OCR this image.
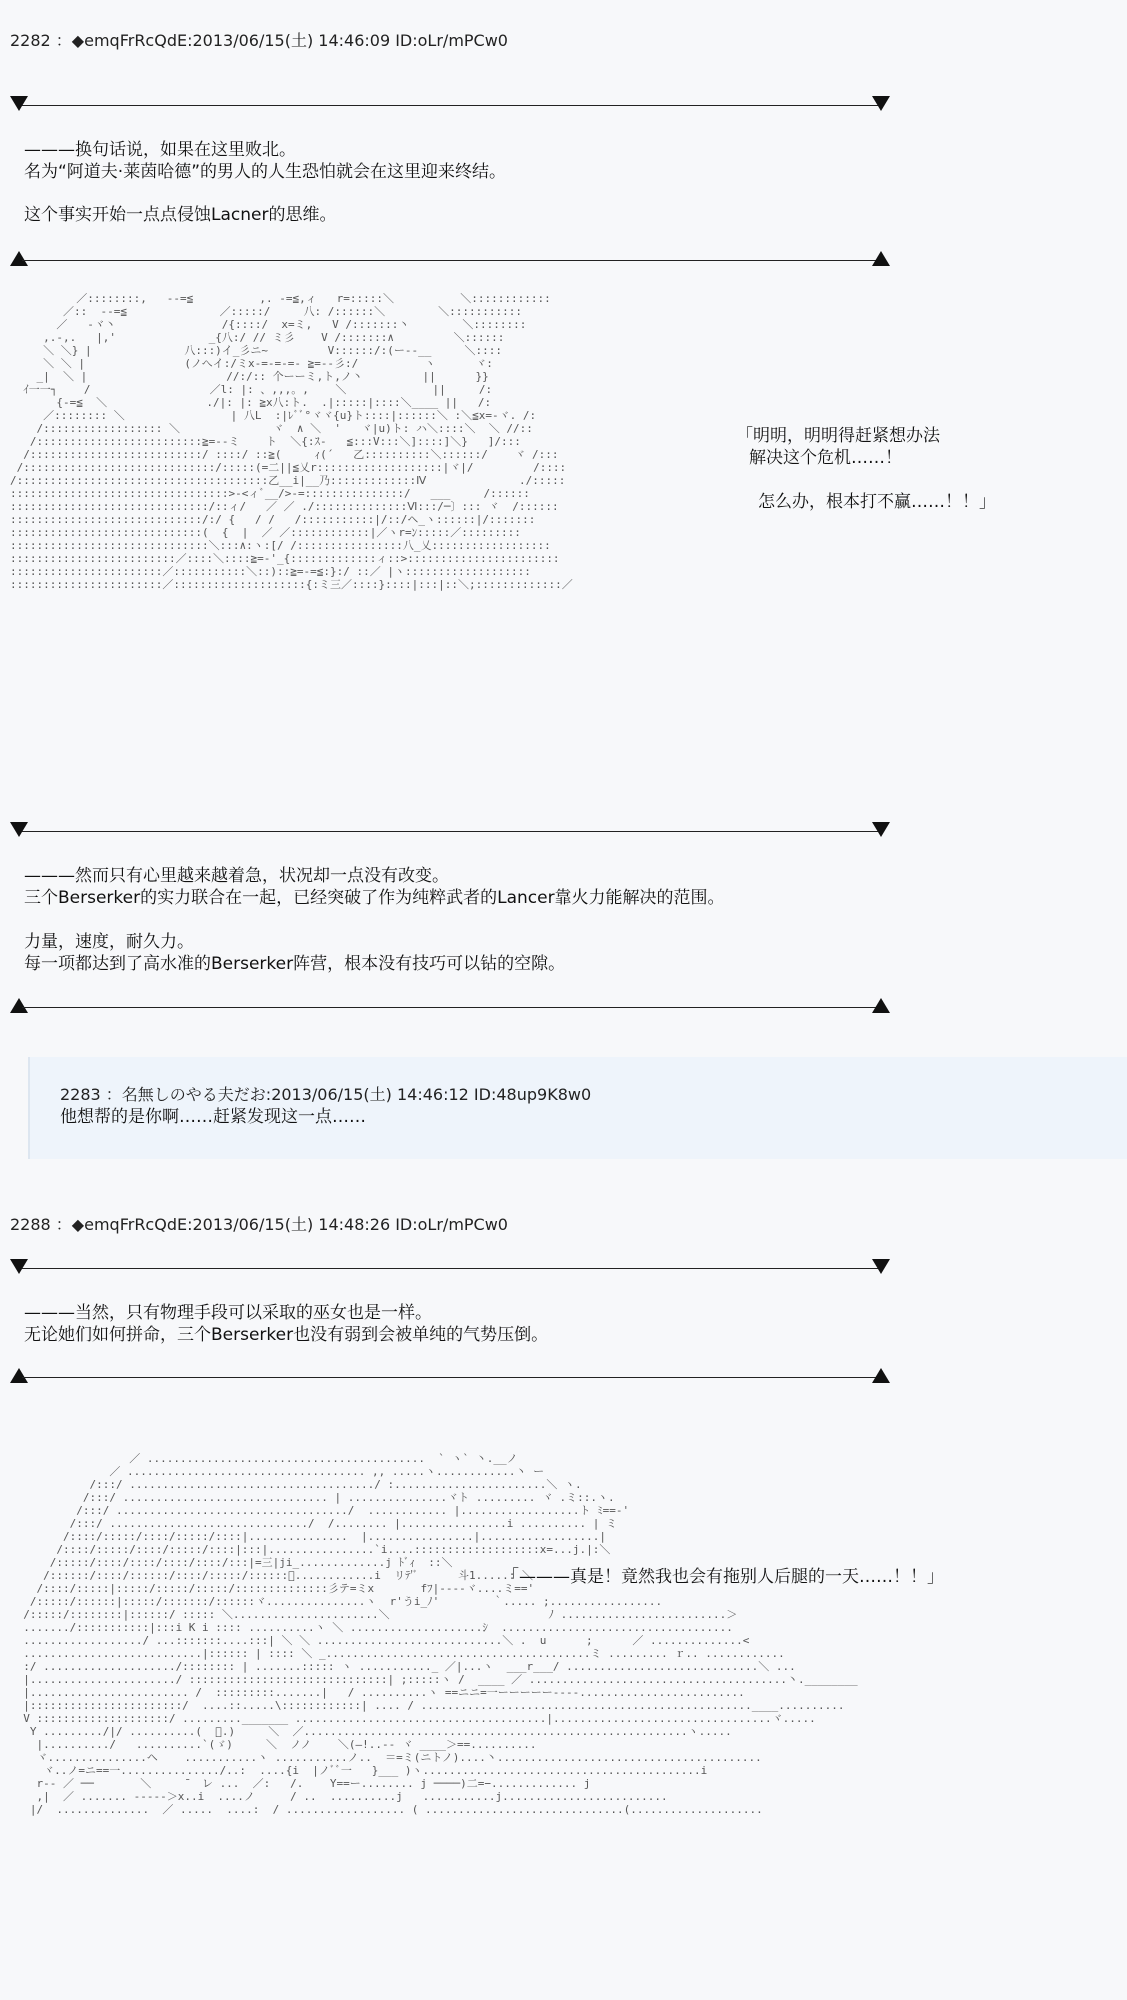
2282 ：◆emqFrRcQdE:2013/06/15(土) 14:46:09 ID:oLr/mPCw0
———换句话说，如果在这里败北。
名为“阿道夫·莱茵哈德”的男人的人生恐怕就会在这里迎来终结。
这个事实开始一点点侵蚀Lacner的思维。
／::::::::,   --=≦          ,. -=≦,ィ   r=:::::＼          ＼::::::::::::
／::  --=≦              ／:::::/     八: /::::::＼        ＼:::::::::::
／   -ヾ丶                /{::::/  x=ミ,   V /:::::::丶        ＼::::::::
,.-,.   |,'              _{八:/ // ミ彡    V /:::::::∧         ＼::::::
＼ ＼} |              八:::)イ_彡ニ~         V::::::/:(ー--__     ＼::::
＼ ＼ |               (ノへイ:/ミx-=-=-=- ≧=--彡:/          ヽ      ヾ:
_|  ＼ |                     //:/:: 个ーーミ,ト,ノ丶         ||      }}
ｲ一一┐    /                  ／l: |: 、,,,。,    ＼             ||     /:
{-=≦  ＼               ./|: |: ≧x八:ト.  .|:::::|::::＼____ ||   /:
／:::::::: ＼                | 八L  :|ﾚﾞﾞ°ヾヾ{u}ト::::|::::::＼ :＼≦x=-ヾ. /:
/:::::::::::::::::: ＼              ヾ  ∧ ＼  '   ヾ|u)ト: ハ＼::::＼  ＼ //::
/:::::::::::::::::::::::::≧=--ミ    ト  ＼{:ｽ-   ≦:::V:::＼]::::]＼}   ]/:::
/::::::::::::::::::::::::::/ ::::/ ::≧(     ｨ(´   乙::::::::::＼::::::/    ヾ /:::
/:::::::::::::::::::::::::::::/:::::(=二||≦乂r:::::::::::::::::::|ヾ|/         /::::
/::::::::::::::::::::::::::::::::::::::乙__i|__乃:::::::::::::Ⅳ              ./:::::
:::::::::::::::::::::::::::::::::>-<ィﾞ__/>-=:::::::::::::::/   ___     /::::::
::::::::::::::::::::::::::::::/::ィ/   ／ ／ ./::::::::::::::Ⅵ:::/─〕::: ヾ  /::::::
:::::::::::::::::::::::::::::/:/ {   / /   /:::::::::::|/::/ヘ_ヽ::::::|/:::::::
:::::::::::::::::::::::::::::(  {  |  ／ ／::::::::::::|／ヽr=ﾝ:::::／:::::::::
::::::::::::::::::::::::::::::＼:::∧:ヽ:[/ /::::::::::::::::八_乂::::::::::::::::::
:::::::::::::::::::::::::／::::＼::::≧=-'_{:::::::::::::ィ::>:::::::::::::::::::::::
:::::::::::::::::::::::／:::::::::::＼::)::≧=-=≦:}:/ ::／ |ヽ:::::::::::::::::::
:::::::::::::::::::::::／::::::::::::::::::::{:ミ三／::::}::::|:::|::＼;:::::::::::::／
「明明，明明得赶紧想办法
解决这个危机……！
怎么办，根本打不赢……！！」
———然而只有心里越来越着急，状况却一点没有改变。
三个Berserker的实力联合在一起，已经突破了作为纯粹武者的Lancer靠火力能解决的范围。
力量，速度，耐久力。
每一项都达到了高水准的Berserker阵营，根本没有技巧可以钻的空隙。
2283 ：名無しのやる夫だお:2013/06/15(土) 14:46:12 ID:48up9K8w0
他想帮的是你啊……赶紧发现这一点……
2288 ：◆emqFrRcQdE:2013/06/15(土) 14:48:26 ID:oLr/mPCw0
———当然，只有物理手段可以采取的巫女也是一样。
无论她们如何拼命，三个Berserker也没有弱到会被单纯的气势压倒。
／ ..........................................  ` ヽ` 丶.__ノ
／ .................................... ,, .....ヽ............丶 ー
/:::/ ...................................../ :.......................＼ ヽ.
/:::/ ............................... | ...............ヾト ......... ヾ .ミ::.ヽ.
/:::/ .................................../  ............ |..................ト ﾐ==-'
/:::/ ............................../  /........ |................i .......... | ミ
/::::/:::::/::::/:::::/::::|...............  |................|..................|
/::::/:::::/::::/:::::/::::|:::|................`i....:::::::::::::::::::x=...j.|:＼
/:::::/::::/::::/::::/::::/:::|=三|ji_.............j ﾄﾞｨ  ::＼
/::::::/::::/::::::/::::/:::::/::::::ﾞ............i  リﾃ'ﾞ      斗1.....: ＼
/::::/:::::|:::::/:::::/:::::/::::::::::::::彡テ=ミx       fﾌ|----ヾ....ミ=='
/:::::/::::::|:::::/:::::::/::::::ヾ...............ヽ  r'うi_ﾉ'        ｀..... ;.................
/:::::/::::::::|::::::/ ::::: ＼......................＼                        ﾉ .........................＞
......./:::::::::::|:::i K i :::: ..........ヽ ＼ ....................ｼ  ...................................
................../ ...:::::::....:::| ＼ ＼ ............................＼ .  u      ;      ／ ..............<
...........................|:::::: | :::: ＼ _........................................ミ ......... ｒ.. ............
:/ ..................../:::::::: | .......::::: ヽ ..........._ ／|...ヽ  ___r___/ .............................＼ ...
|....................../ ::::::::::::::::::::::::::::::| ;:::::ヽ /  ____ ／ .......................................丶.________
|........................ /  :::::::::.......|   / ..........ヽ ==ニニ=一ーーーーー‐‐‐‐.........................
|:::::::::::::::::::::::/  ....::.....\::::::::::::| .... / ..................................................____..........
V ::::::::::::::::::::/ ........._______ ......................................|.................................ヾ.....
Y ........./|/ ..........(  ゚.)     ＼  ／..........................................................ヽ.....
|........../   ..........`(ゞ)     ＼  ノノ    ＼(―!..-- ヾ ____＞==..........
ヾ...............ヘ    ...........ヽ ...........ノ..  ＝=ミ(ニトノ)....丶........................................
ヾ..ノ=ニ==一.............../..:  ....{i  |ノﾞﾞ一   }___ )ヽ..........................................i
r-- ／ ──       ＼     ̄ 　レ ...  ／:   /.    Y==ー........ j ────)二=−............. j
,|  ／ ....... -----＞x..i  ....ノ  　　/ ..  ..........j   ...........j.........................
|/  ..............  ／ .....  ....:  / .................. ( ..............................(....................
「———真是！竟然我也会有拖别人后腿的一天……！！」
